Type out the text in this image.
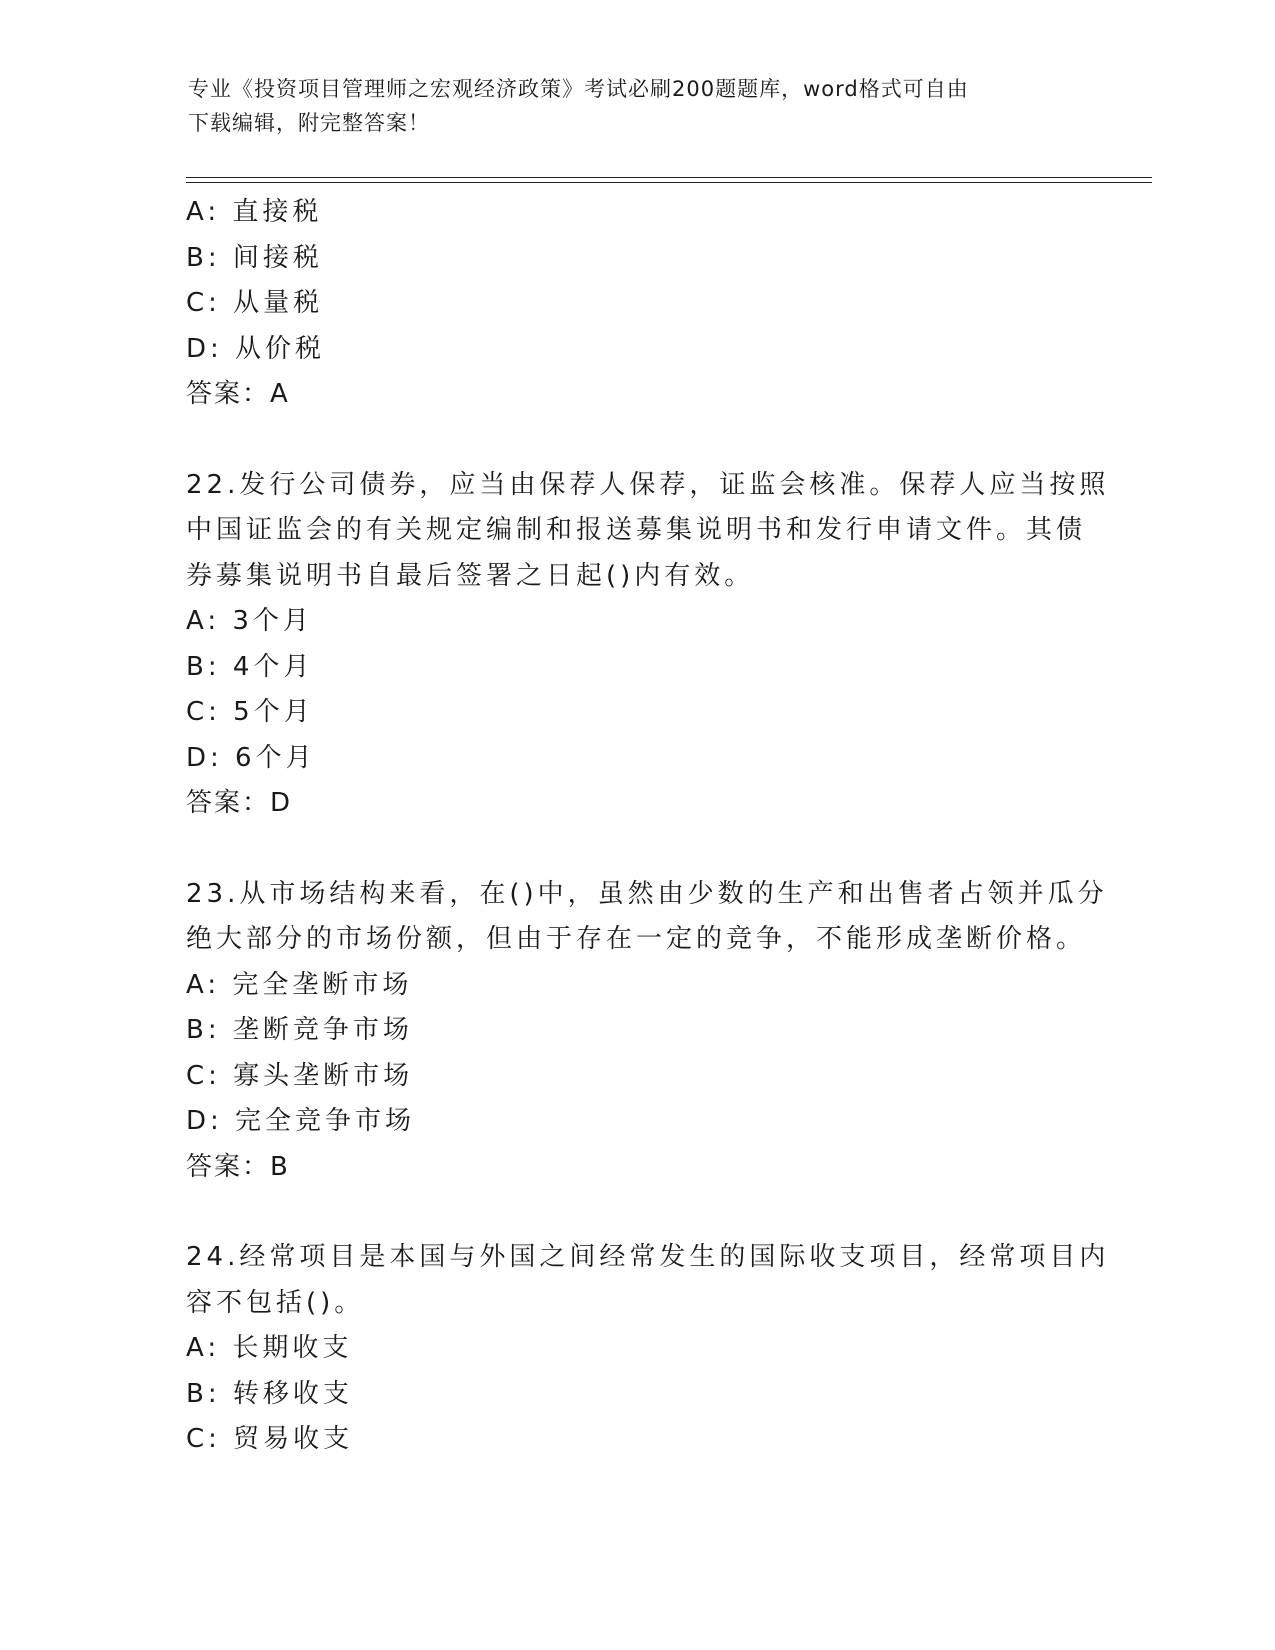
专业《投资项目管理师之宏观经济政策》考试必刷200题题库，word格式可自由
下载编辑，附完整答案！
A: 直接税
B: 间接税
C: 从量税
D: 从价税
答案：A
22.发行公司债券，应当由保荐人保荐，证监会核准。保荐人应当按照
中国证监会的有关规定编制和报送募集说明书和发行申请文件。其债
券募集说明书自最后签署之日起()内有效。
A: 3个月
B: 4个月
C: 5个月
D: 6个月
答案：D
23.从市场结构来看，在()中，虽然由少数的生产和出售者占领并瓜分
绝大部分的市场份额，但由于存在一定的竞争，不能形成垄断价格。
A: 完全垄断市场
B: 垄断竞争市场
C: 寡头垄断市场
D: 完全竞争市场
答案：B
24.经常项目是本国与外国之间经常发生的国际收支项目，经常项目内
容不包括()。
A: 长期收支
B: 转移收支
C: 贸易收支
